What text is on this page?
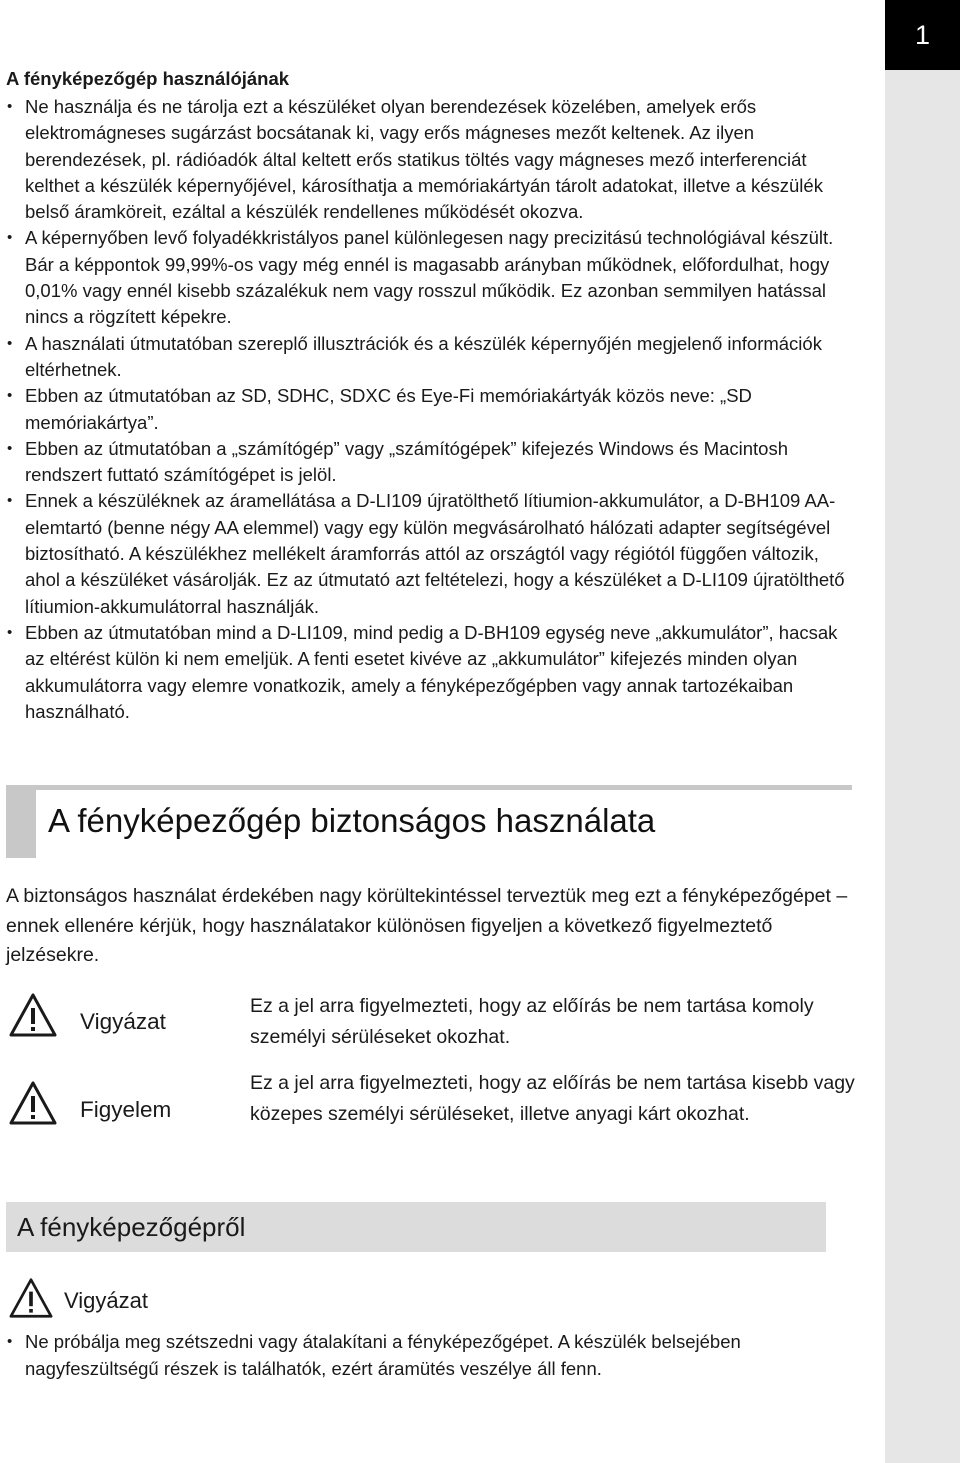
1

A fényképezőgép használójának

• Ne használja és ne tárolja ezt a készüléket olyan berendezések közelében, amelyek erős elektromágneses sugárzást bocsátanak ki, vagy erős mágneses mezőt keltenek. Az ilyen berendezések, pl. rádióadók által keltett erős statikus töltés vagy mágneses mező interferenciát kelthet a készülék képernyőjével, károsíthatja a memóriakártyán tárolt adatokat, illetve a készülék belső áramköreit, ezáltal a készülék rendellenes működését okozva.
• A képernyőben levő folyadékkristályos panel különlegesen nagy precizitású technológiával készült. Bár a képpontok 99,99%-os vagy még ennél is magasabb arányban működnek, előfordulhat, hogy 0,01% vagy ennél kisebb százalékuk nem vagy rosszul működik. Ez azonban semmilyen hatással nincs a rögzített képekre.
• A használati útmutatóban szereplő illusztrációk és a készülék képernyőjén megjelenő információk eltérhetnek.
• Ebben az útmutatóban az SD, SDHC, SDXC és Eye-Fi memóriakártyák közös neve: „SD memóriakártya”.
• Ebben az útmutatóban a „számítógép” vagy „számítógépek” kifejezés Windows és Macintosh rendszert futtató számítógépet is jelöl.
• Ennek a készüléknek az áramellátása a D-LI109 újratölthető lítiumion-akkumulátor, a D-BH109 AA-elemtartó (benne négy AA elemmel) vagy egy külön megvásárolható hálózati adapter segítségével biztosítható. A készülékhez mellékelt áramforrás attól az országtól vagy régiótól függően változik, ahol a készüléket vásárolják. Ez az útmutató azt feltételezi, hogy a készüléket a D-LI109 újratölthető lítiumion-akkumulátorral használják.
• Ebben az útmutatóban mind a D-LI109, mind pedig a D-BH109 egység neve „akkumulátor”, hacsak az eltérést külön ki nem emeljük. A fenti esetet kivéve az „akkumulátor” kifejezés minden olyan akkumulátorra vagy elemre vonatkozik, amely a fényképezőgépben vagy annak tartozékaiban használható.
A fényképezőgép biztonságos használata
A biztonságos használat érdekében nagy körültekintéssel terveztük meg ezt a fényképezőgépet – ennek ellenére kérjük, hogy használatakor különösen figyeljen a következő figyelmeztető jelzésekre.
Vigyázat
Ez a jel arra figyelmezteti, hogy az előírás be nem tartása komoly személyi sérüléseket okozhat.
Figyelem
Ez a jel arra figyelmezteti, hogy az előírás be nem tartása kisebb vagy közepes személyi sérüléseket, illetve anyagi kárt okozhat.
A fényképezőgépről
Vigyázat
• Ne próbálja meg szétszedni vagy átalakítani a fényképezőgépet. A készülék belsejében nagyfeszültségű részek is találhatók, ezért áramütés veszélye áll fenn.
